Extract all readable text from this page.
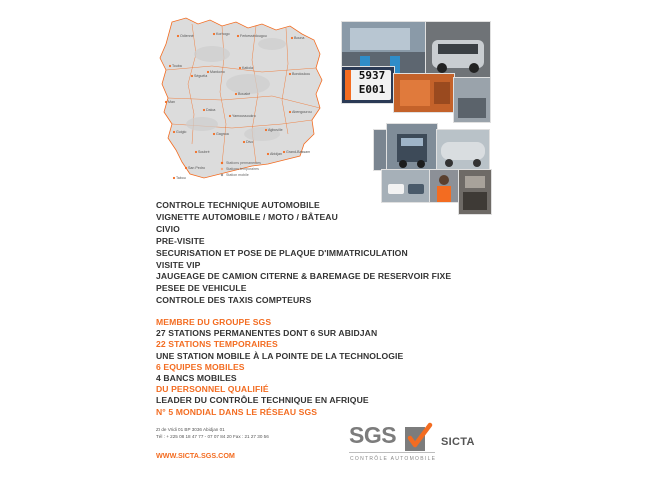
Odienné	Korhogo	Ferkessédougou	Bouna
Touba
Séguéla
Mankono
Katiola
Bondoukou
Man
Bouaké
Daloa
Yamoussoukro
Abengourou
Guiglo	Gagnoa
Divo
Agboville
Soubré	Abidjan
San Pedro
Grand-Bassam
Tabou
Stations permanentes
Stations temporaires
Station mobile
5937
E001
CONTROLE TECHNIQUE AUTOMOBILE
VIGNETTE AUTOMOBILE / MOTO / BÂTEAU
CIVIO
PRE-VISITE
SECURISATION ET POSE DE PLAQUE D'IMMATRICULATION
VISITE VIP
JAUGEAGE DE CAMION CITERNE & BAREMAGE DE RESERVOIR FIXE
PESEE DE VEHICULE
CONTROLE DES TAXIS COMPTEURS
MEMBRE DU GROUPE SGS
27 STATIONS PERMANENTES DONT 6 SUR ABIDJAN
22 STATIONS TEMPORAIRES
UNE STATION MOBILE À LA POINTE DE LA TECHNOLOGIE
6 EQUIPES MOBILES
4 BANCS MOBILES
DU PERSONNEL QUALIFIÉ
LEADER DU CONTRÔLE TECHNIQUE EN AFRIQUE
N° 5 MONDIAL DANS LE RÉSEAU SGS
ZI de Vridi 01 BP 3036 Abidjan 01
Tél : + 225 08 18 47 77 - 07 07 84 20 Fax : 21 27 30 56
WWW.SICTA.SGS.COM
SGS
CONTRÔLE AUTOMOBILE
SICTA
